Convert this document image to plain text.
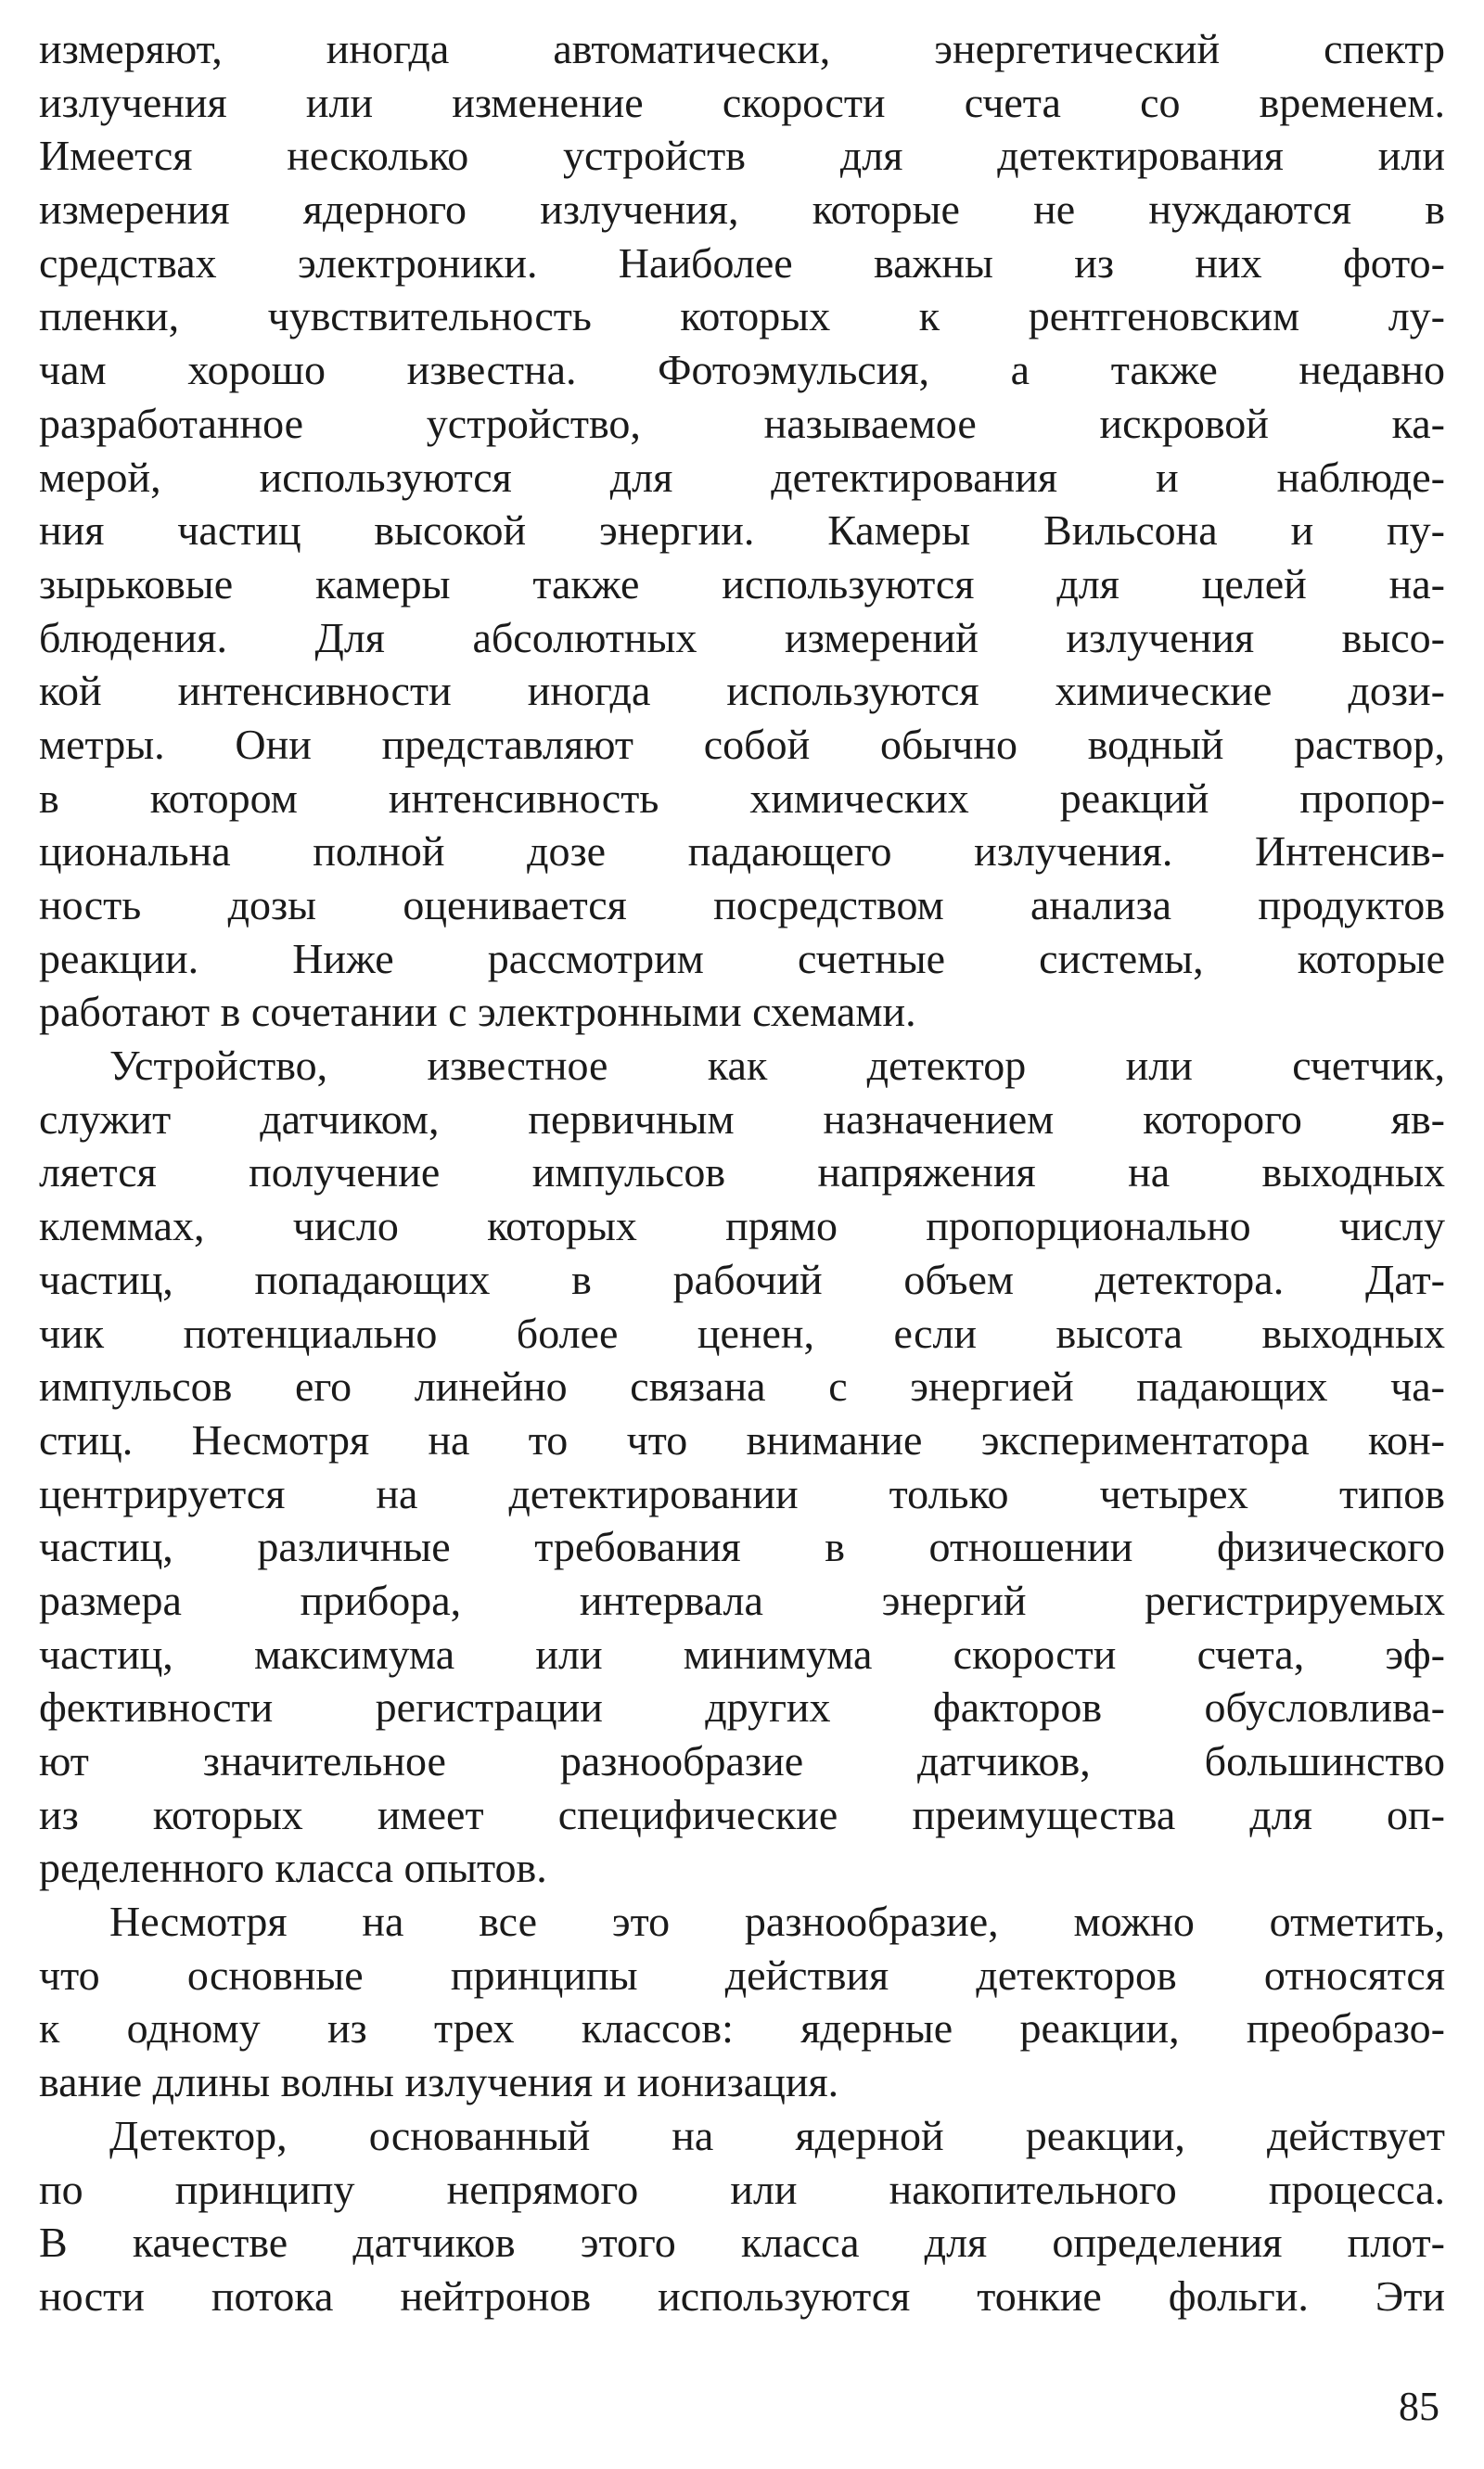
измеряют, иногда автоматически, энергетический спектр
излучения или изменение скорости счета со временем.
Имеется несколько устройств для детектирования или
измерения ядерного излучения, которые не нуждаются в
средствах электроники. Наиболее важны из них фото-
пленки, чувствительность которых к рентгеновским лу-
чам хорошо известна. Фотоэмульсия, а также недавно
разработанное устройство, называемое искровой ка-
мерой, используются для детектирования и наблюде-
ния частиц высокой энергии. Камеры Вильсона и пу-
зырьковые камеры также используются для целей на-
блюдения. Для абсолютных измерений излучения высо-
кой интенсивности иногда используются химические дози-
метры. Они представляют собой обычно водный раствор,
в котором интенсивность химических реакций пропор-
циональна полной дозе падающего излучения. Интенсив-
ность дозы оценивается посредством анализа продуктов
реакции. Ниже рассмотрим счетные системы, которые
работают в сочетании с электронными схемами.
Устройство, известное как детектор или счетчик,
служит датчиком, первичным назначением которого яв-
ляется получение импульсов напряжения на выходных
клеммах, число которых прямо пропорционально числу
частиц, попадающих в рабочий объем детектора. Дат-
чик потенциально более ценен, если высота выходных
импульсов его линейно связана с энергией падающих ча-
стиц. Несмотря на то что внимание экспериментатора кон-
центрируется на детектировании только четырех типов
частиц, различные требования в отношении физического
размера прибора, интервала энергий регистрируемых
частиц, максимума или минимума скорости счета, эф-
фективности регистрации других факторов обусловлива-
ют значительное разнообразие датчиков, большинство
из которых имеет специфические преимущества для оп-
ределенного класса опытов.
Несмотря на все это разнообразие, можно отметить,
что основные принципы действия детекторов относятся
к одному из трех классов: ядерные реакции, преобразо-
вание длины волны излучения и ионизация.
Детектор, основанный на ядерной реакции, действует
по принципу непрямого или накопительного процесса.
В качестве датчиков этого класса для определения плот-
ности потока нейтронов используются тонкие фольги. Эти
85
